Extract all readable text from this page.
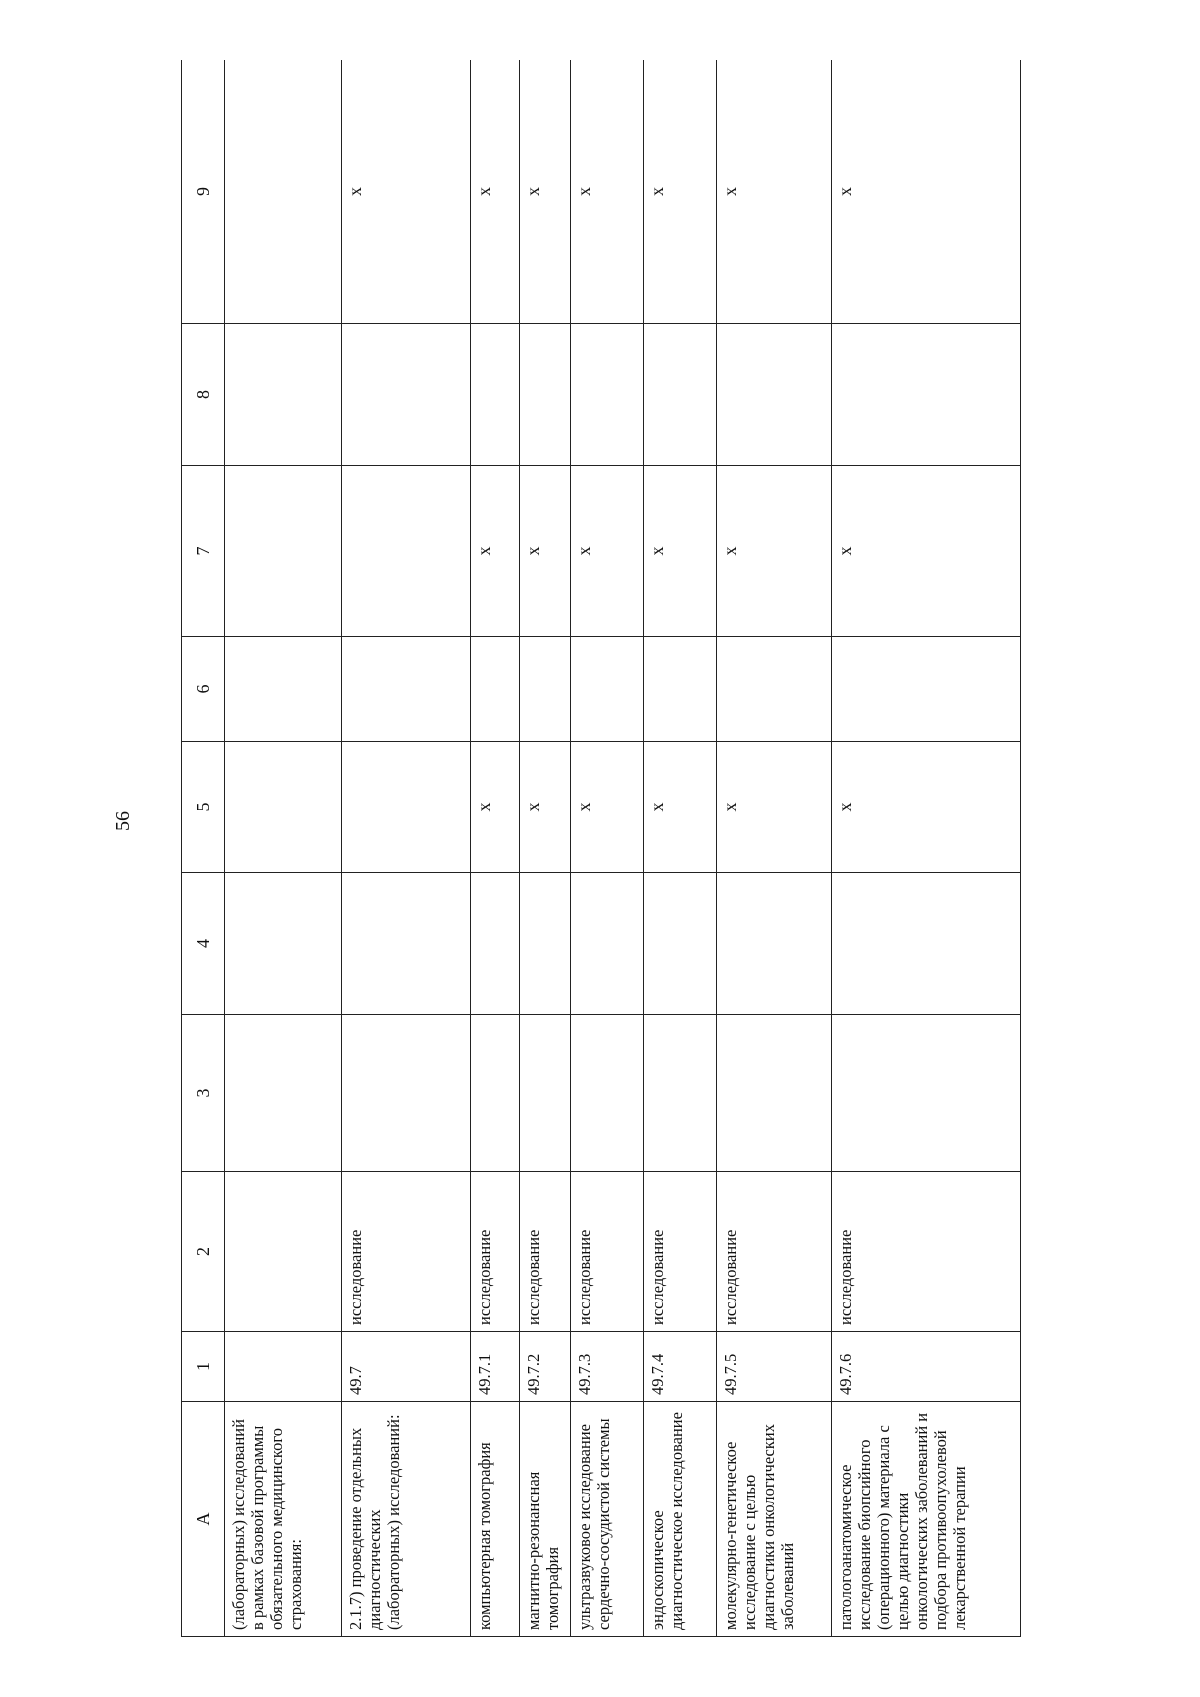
56
А	1	2	3	4	5	6	7	8	9
(лабораторных) исследований в рамках базовой программы обязательного медицинского страхования:									
2.1.7) проведение отдельных диагностических (лабораторных) исследований:	49.7	исследование							x
компьютерная томография	49.7.1	исследование			x		x		x
магнитно-резонансная томография	49.7.2	исследование			x		x		x
ультразвуковое исследование сердечно-сосудистой системы	49.7.3	исследование			x		x		x
эндоскопическое диагностическое исследование	49.7.4	исследование			x		x		x
молекулярно-генетическое исследование с целью диагностики онкологических заболеваний	49.7.5	исследование			x		x		x
патологоанатомическое исследование биопсийного (операционного) материала с целью диагностики онкологических заболеваний и подбора противоопухолевой лекарственной терапии	49.7.6	исследование			x		x		x
